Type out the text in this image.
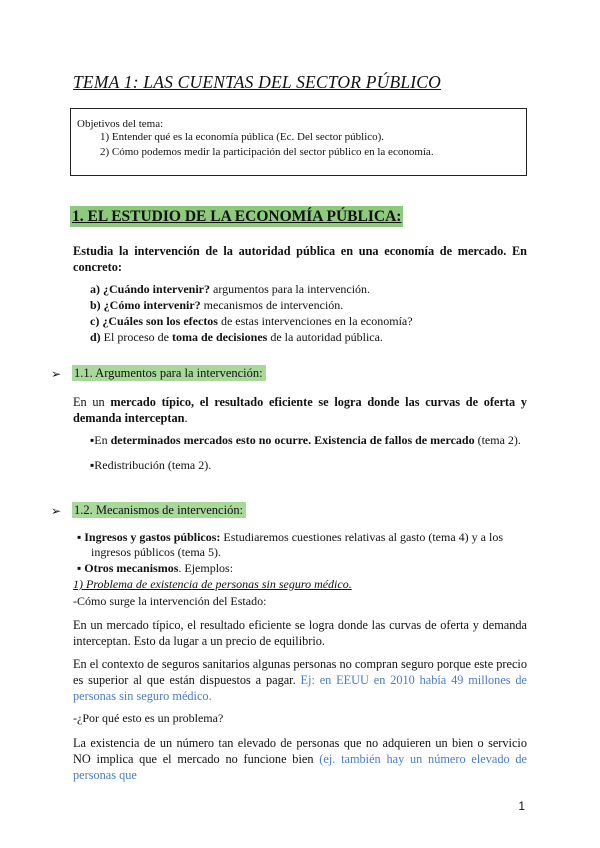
TEMA 1: LAS CUENTAS DEL SECTOR PÚBLICO
Objetivos del tema:
1) Entender qué es la economía pública (Ec. Del sector público).
2) Cómo podemos medir la participación del sector público en la economía.
1. EL ESTUDIO DE LA ECONOMÍA PÚBLICA:
Estudia la intervención de la autoridad pública en una economía de mercado. En concreto:
a) ¿Cuándo intervenir? argumentos para la intervención.
b) ¿Cómo intervenir? mecanismos de intervención.
c) ¿Cuáles son los efectos de estas intervenciones en la economía?
d) El proceso de toma de decisiones de la autoridad pública.
➢ 1.1. Argumentos para la intervención:
En un mercado típico, el resultado eficiente se logra donde las curvas de oferta y demanda interceptan.
▪En determinados mercados esto no ocurre. Existencia de fallos de mercado (tema 2).
▪Redistribución (tema 2).
➢ 1.2. Mecanismos de intervención:
▪ Ingresos y gastos públicos: Estudiaremos cuestiones relativas al gasto (tema 4) y a los
ingresos públicos (tema 5).
▪ Otros mecanismos. Ejemplos:
1) Problema de existencia de personas sin seguro médico.
-Cómo surge la intervención del Estado:
En un mercado típico, el resultado eficiente se logra donde las curvas de oferta y demanda interceptan. Esto da lugar a un precio de equilibrio.
En el contexto de seguros sanitarios algunas personas no compran seguro porque este precio es superior al que están dispuestos a pagar. Ej: en EEUU en 2010 había 49 millones de personas sin seguro médico.
-¿Por qué esto es un problema?
La existencia de un número tan elevado de personas que no adquieren un bien o servicio NO implica que el mercado no funcione bien (ej. también hay un número elevado de personas que
1
